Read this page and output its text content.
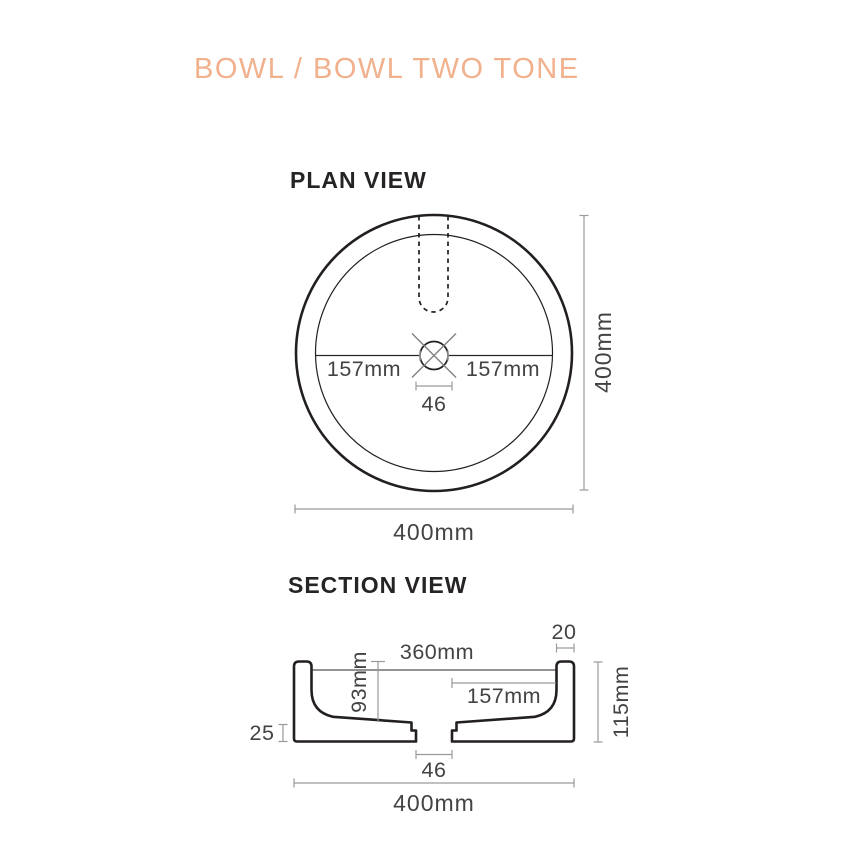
BOWL / BOWL TWO TONE
PLAN VIEW
SECTION VIEW
157mm	157mm
46
400mm
400mm
360mm
20
93mm	157mm	115mm
25
46
400mm
